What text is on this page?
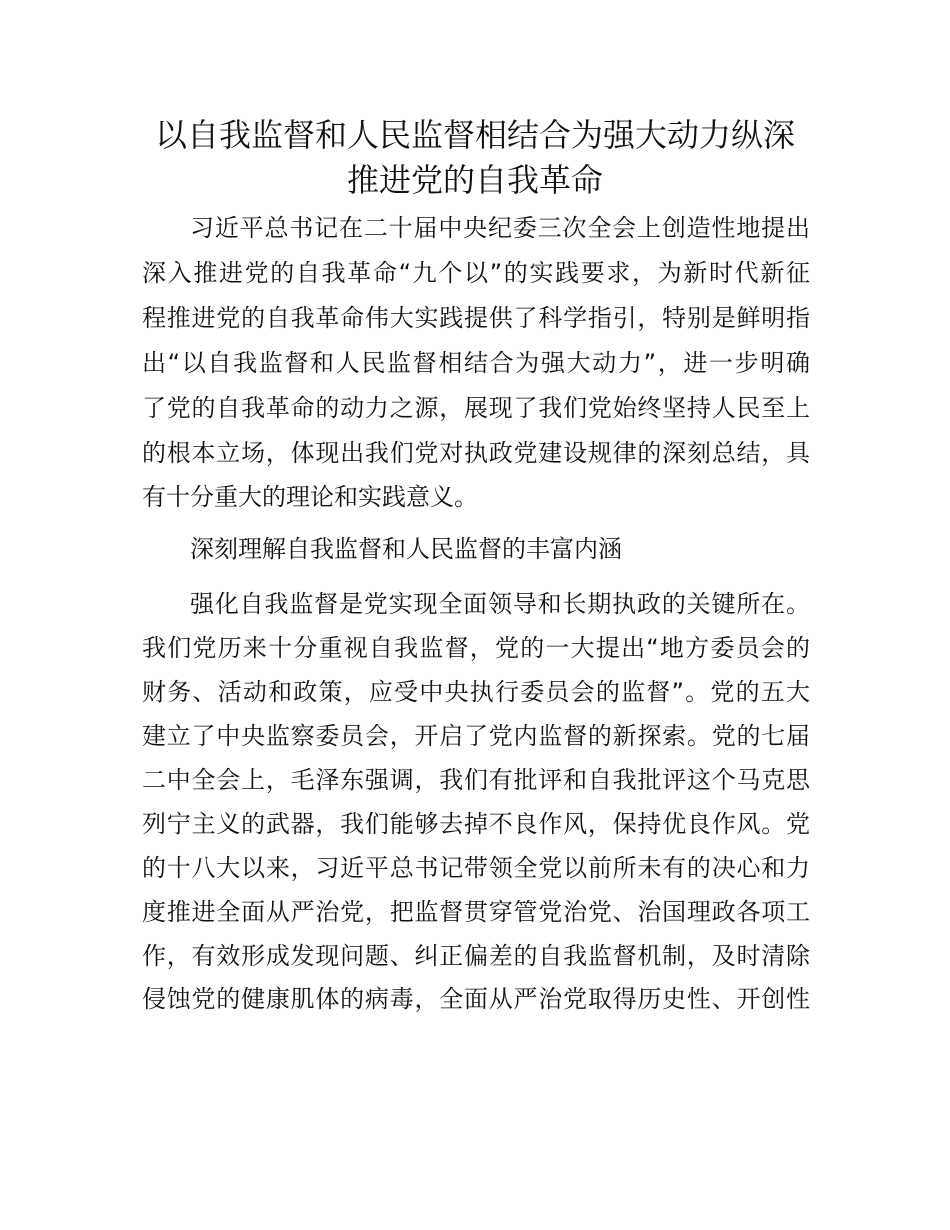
以自我监督和人民监督相结合为强大动力纵深
推进党的自我革命
习近平总书记在二十届中央纪委三次全会上创造性地提出
深入推进党的自我革命“九个以”的实践要求，为新时代新征
程推进党的自我革命伟大实践提供了科学指引，特别是鲜明指
出“以自我监督和人民监督相结合为强大动力”，进一步明确
了党的自我革命的动力之源，展现了我们党始终坚持人民至上
的根本立场，体现出我们党对执政党建设规律的深刻总结，具
有十分重大的理论和实践意义。
深刻理解自我监督和人民监督的丰富内涵
强化自我监督是党实现全面领导和长期执政的关键所在。
我们党历来十分重视自我监督，党的一大提出“地方委员会的
财务、活动和政策，应受中央执行委员会的监督”。党的五大
建立了中央监察委员会，开启了党内监督的新探索。党的七届
二中全会上，毛泽东强调，我们有批评和自我批评这个马克思
列宁主义的武器，我们能够去掉不良作风，保持优良作风。党
的十八大以来，习近平总书记带领全党以前所未有的决心和力
度推进全面从严治党，把监督贯穿管党治党、治国理政各项工
作，有效形成发现问题、纠正偏差的自我监督机制，及时清除
侵蚀党的健康肌体的病毒，全面从严治党取得历史性、开创性
